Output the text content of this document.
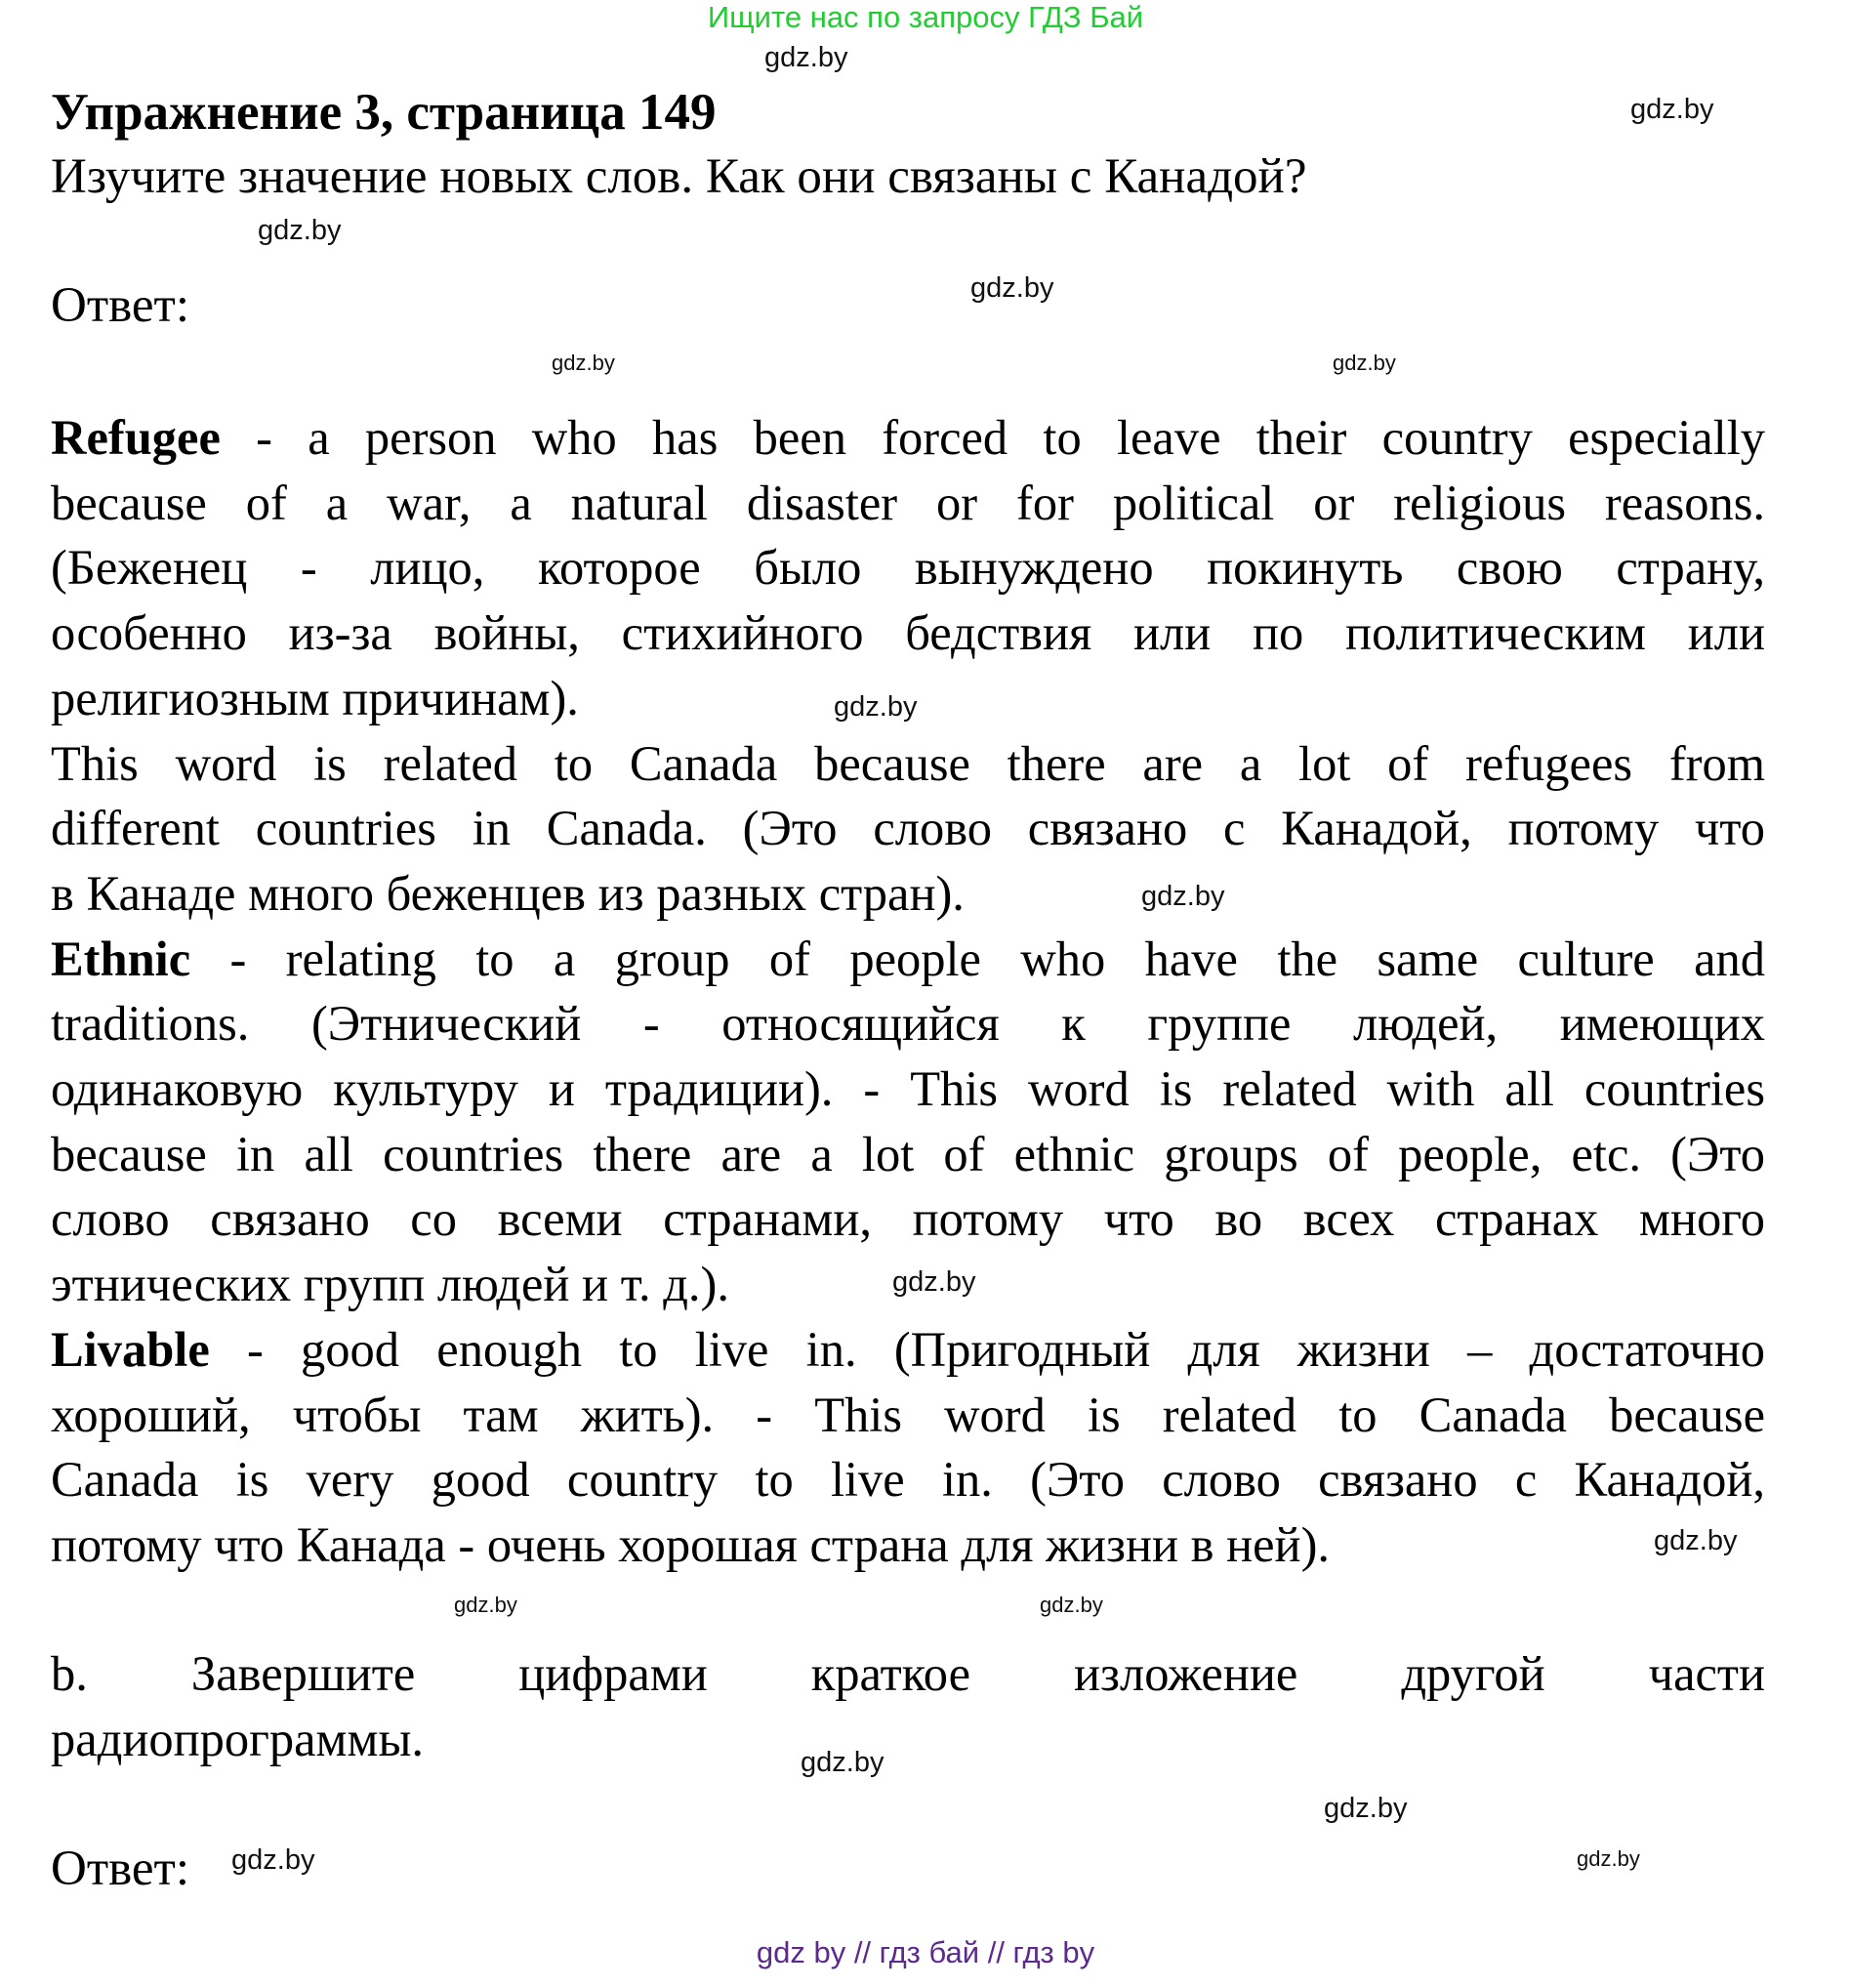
Ищите нас по запросу ГДЗ Бай
Упражнение 3, страница 149
Изучите значение новых слов. Как они связаны с Канадой?
Ответ:
Refugee - a person who has been forced to leave their country especially
because of a war, a natural disaster or for political or religious reasons.
(Беженец - лицо, которое было вынуждено покинуть свою страну,
особенно из-за войны, стихийного бедствия или по политическим или
религиозным причинам).
This word is related to Canada because there are a lot of refugees from
different countries in Canada. (Это слово связано с Канадой, потому что
в Канаде много беженцев из разных стран).
Ethnic - relating to a group of people who have the same culture and
traditions. (Этнический - относящийся к группе людей, имеющих
одинаковую культуру и традиции). - This word is related with all countries
because in all countries there are a lot of ethnic groups of people, etc. (Это
слово связано со всеми странами, потому что во всех странах много
этнических групп людей и т. д.).
Livable - good enough to live in. (Пригодный для жизни – достаточно
хороший, чтобы там жить). - This word is related to Canada because
Canada is very good country to live in. (Это слово связано с Канадой,
потому что Канада - очень хорошая страна для жизни в ней).
b. Завершите цифрами краткое изложение другой части
радиопрограммы.
Ответ:
gdz.by
gdz.by
gdz.by
gdz.by
gdz.by	gdz.by
gdz.by
gdz.by
gdz.by	gdz.by
gdz.by
gdz.by
gdz.by
gdz.by
gdz.by
gdz.by
gdz by // гдз бай // гдз by
